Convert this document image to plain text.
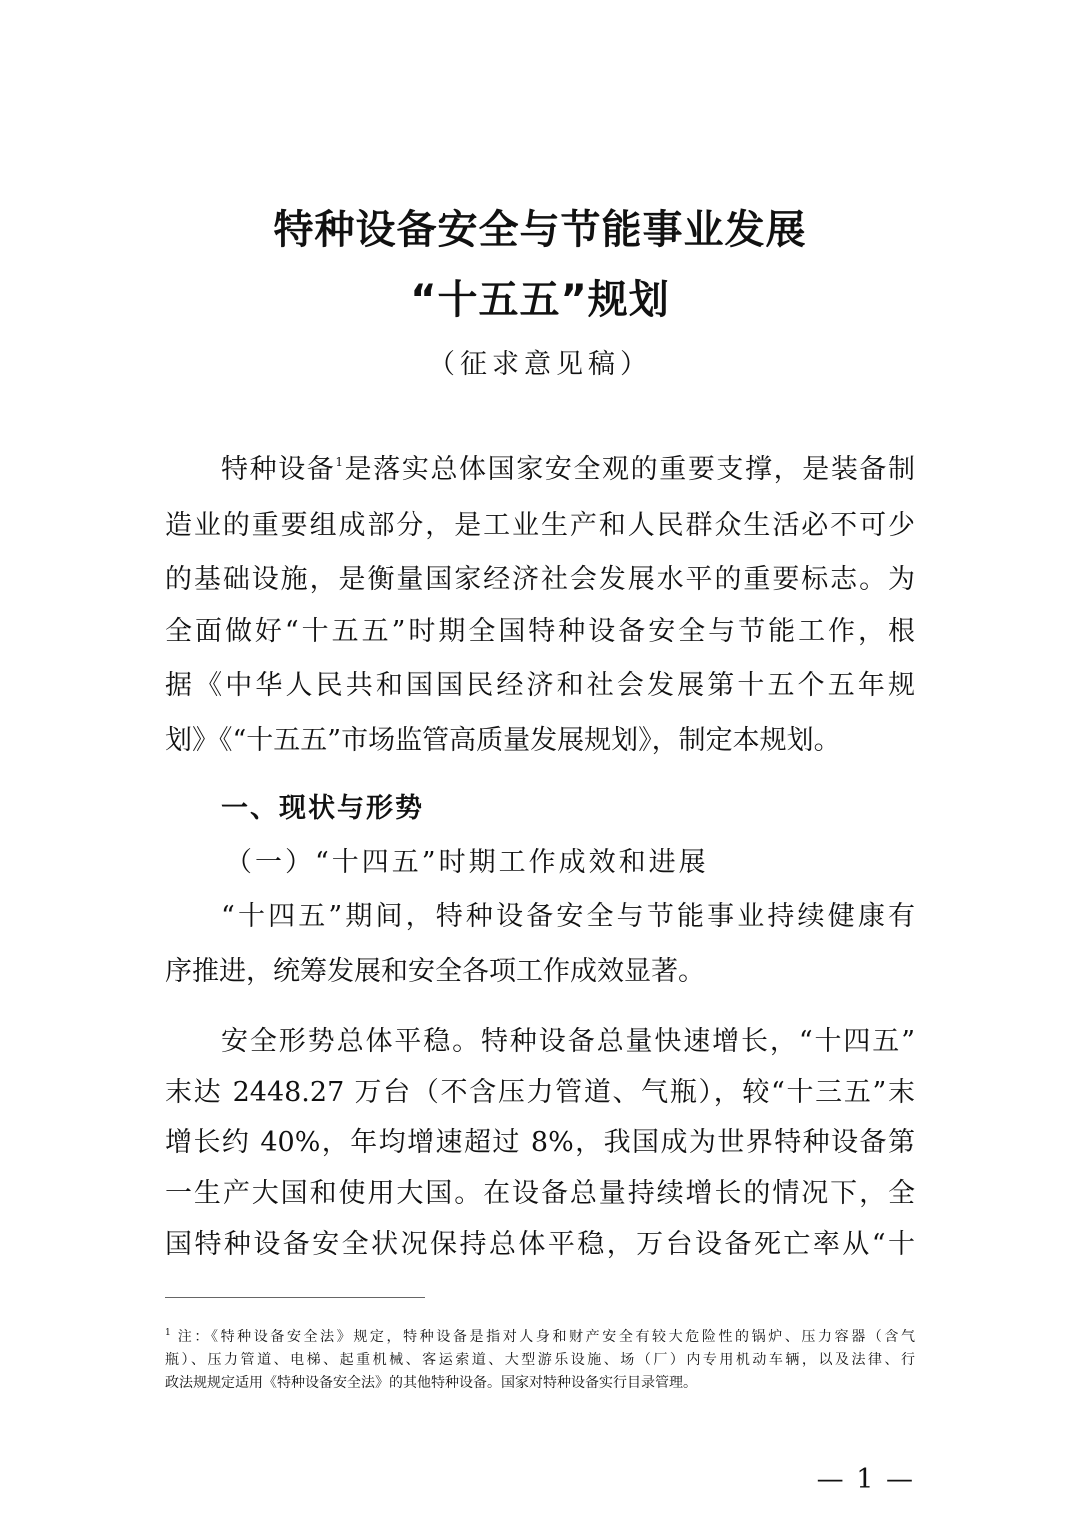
特种设备安全与节能事业发展
“十五五”规划
（征求意见稿）
特种设备$^1$是落实总体国家安全观的重要支撑，是装备制
造业的重要组成部分，是工业生产和人民群众生活必不可少
的基础设施，是衡量国家经济社会发展水平的重要标志。为
全面做好“十五五”时期全国特种设备安全与节能工作，根
据《中华人民共和国国民经济和社会发展第十五个五年规
划》《“十五五”市场监管高质量发展规划》，制定本规划。
一、现状与形势
（一）“十四五”时期工作成效和进展
“十四五”期间，特种设备安全与节能事业持续健康有
序推进，统筹发展和安全各项工作成效显著。
安全形势总体平稳。特种设备总量快速增长，“十四五”
末达 2448.27 万台（不含压力管道、气瓶），较“十三五”末
增长约 40%，年均增速超过 8%，我国成为世界特种设备第
一生产大国和使用大国。在设备总量持续增长的情况下，全
国特种设备安全状况保持总体平稳，万台设备死亡率从“十
$^1$ 注：《特种设备安全法》规定，特种设备是指对人身和财产安全有较大危险性的锅炉、压力容器（含气
瓶）、压力管道、电梯、起重机械、客运索道、大型游乐设施、场（厂）内专用机动车辆，以及法律、行
政法规规定适用《特种设备安全法》的其他特种设备。国家对特种设备实行目录管理。
— 1 —
